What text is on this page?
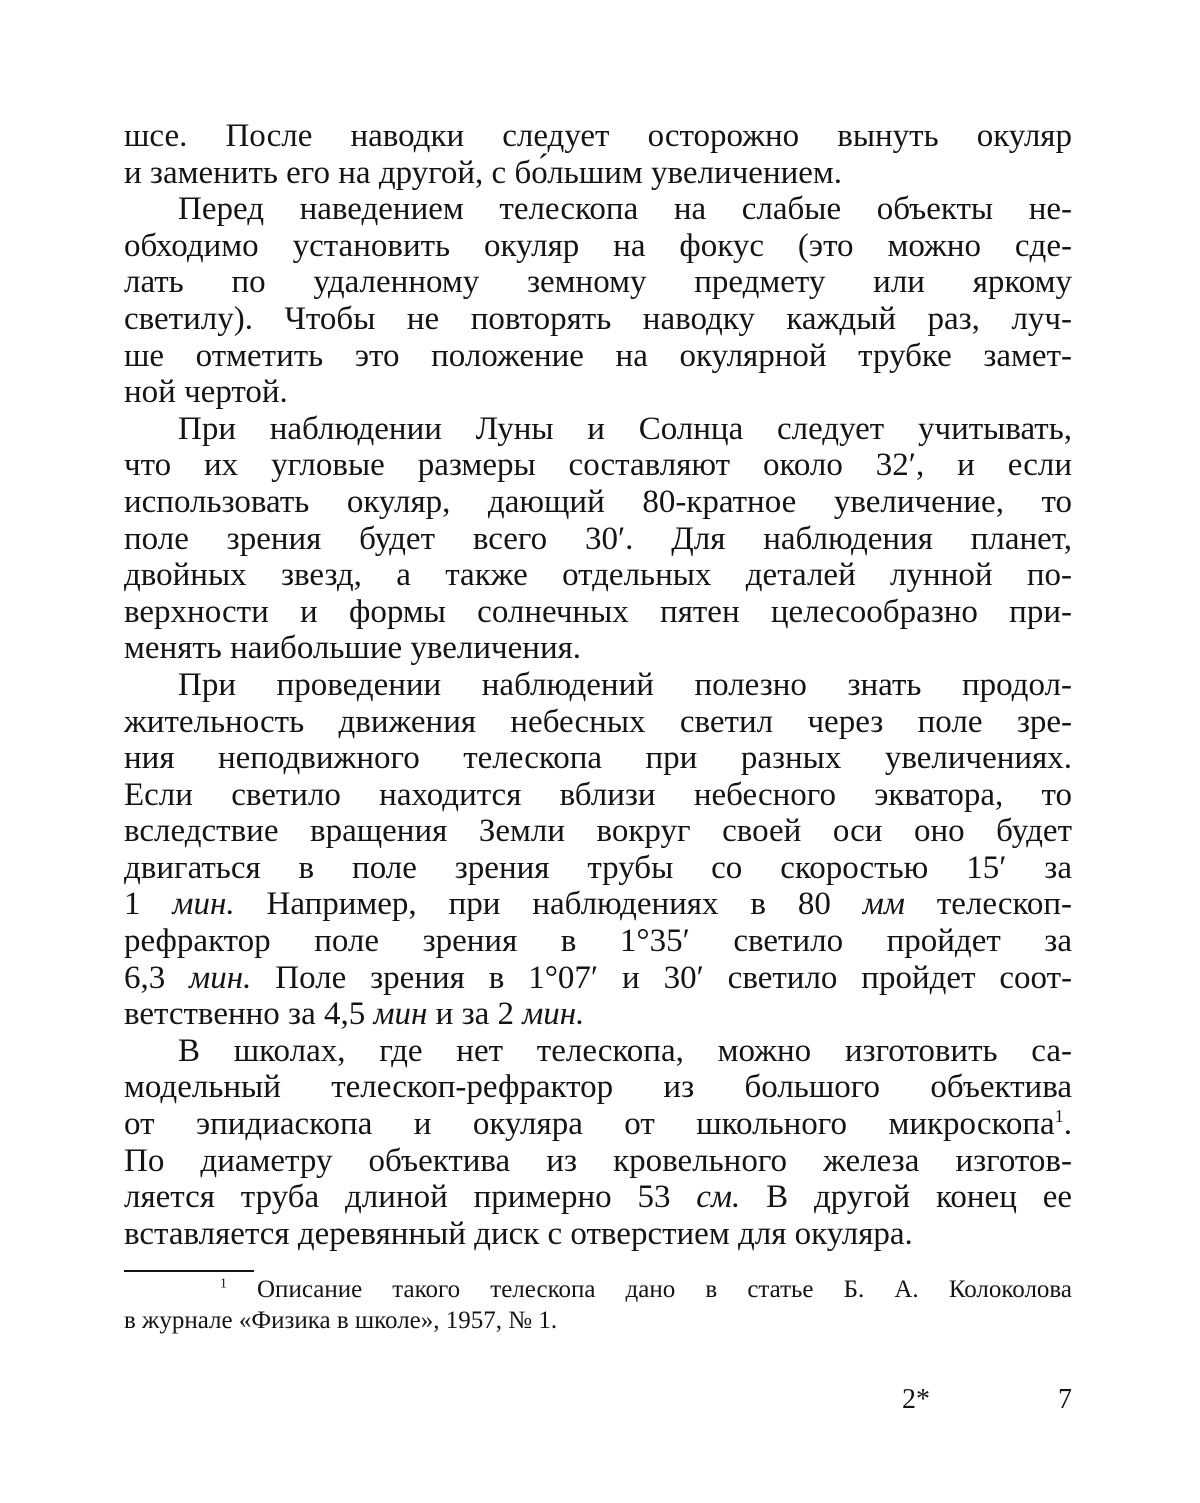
шсе. После наводки следует осторожно вынуть окуляр
и заменить его на другой, с бо́льшим увеличением.
Перед наведением телескопа на слабые объекты не-
обходимо установить окуляр на фокус (это можно сде-
лать по удаленному земному предмету или яркому
светилу). Чтобы не повторять наводку каждый раз, луч-
ше отметить это положение на окулярной трубке замет-
ной чертой.
При наблюдении Луны и Солнца следует учитывать,
что их угловые размеры составляют около 32′, и если
использовать окуляр, дающий 80-кратное увеличение, то
поле зрения будет всего 30′. Для наблюдения планет,
двойных звезд, а также отдельных деталей лунной по-
верхности и формы солнечных пятен целесообразно при-
менять наибольшие увеличения.
При проведении наблюдений полезно знать продол-
жительность движения небесных светил через поле зре-
ния неподвижного телескопа при разных увеличениях.
Если светило находится вблизи небесного экватора, то
вследствие вращения Земли вокруг своей оси оно будет
двигаться в поле зрения трубы со скоростью 15′ за
1 мин. Например, при наблюдениях в 80 мм телескоп-
рефрактор поле зрения в 1°35′ светило пройдет за
6,3 мин. Поле зрения в 1°07′ и 30′ светило пройдет соот-
ветственно за 4,5 мин и за 2 мин.
В школах, где нет телескопа, можно изготовить са-
модельный телескоп-рефрактор из большого объектива
от эпидиаскопа и окуляра от школьного микроскопа$^1$.
По диаметру объектива из кровельного железа изготов-
ляется труба длиной примерно 53 см. В другой конец ее
вставляется деревянный диск с отверстием для окуляра.
$^1$ Описание такого телескопа дано в статье Б. А. Колоколова
в журнале «Физика в школе», 1957, № 1.
2*	7
